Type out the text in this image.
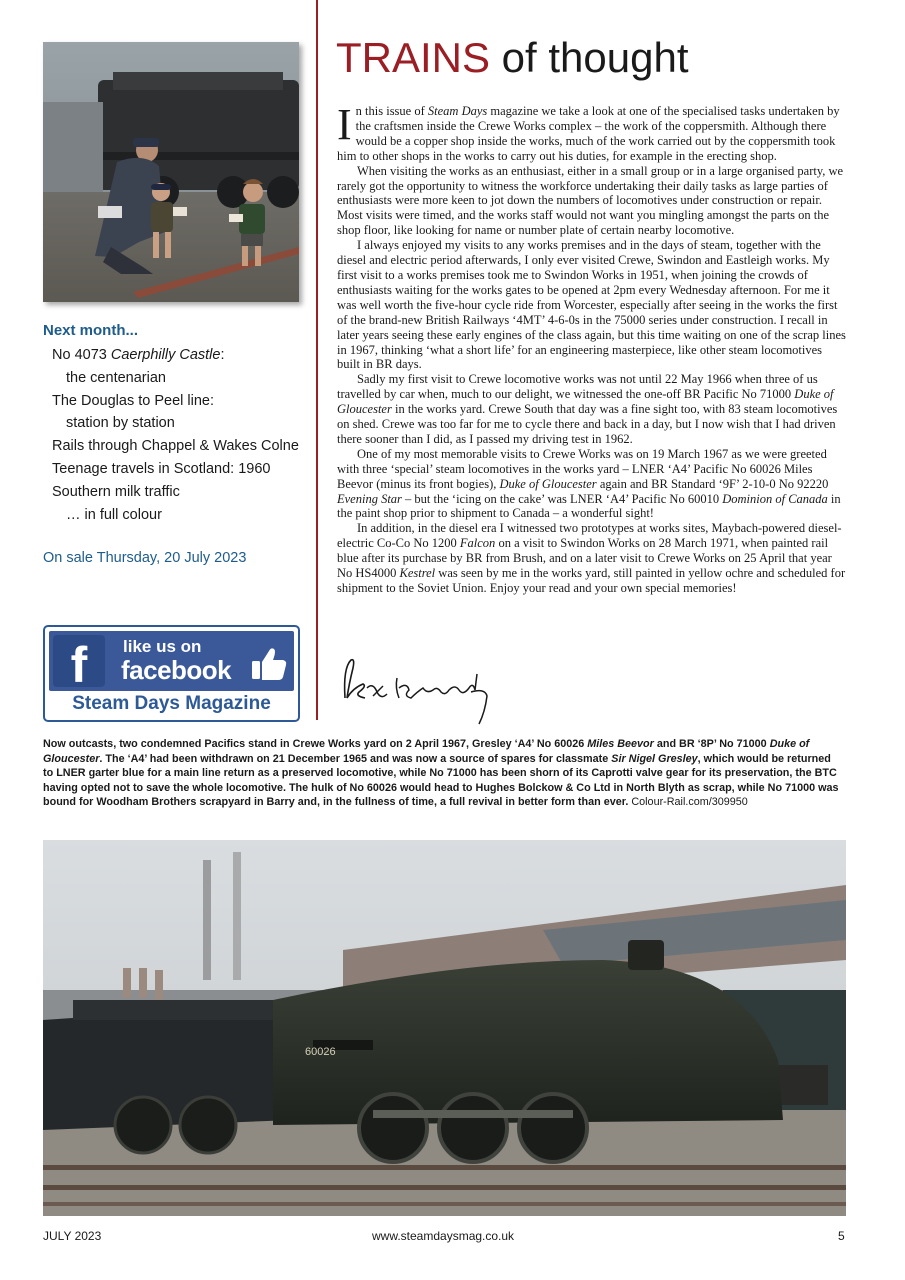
Next month...
No 4073 Caerphilly Castle:
the centenarian
The Douglas to Peel line:
station by station
Rails through Chappel & Wakes Colne
Teenage travels in Scotland: 1960
Southern milk traffic
… in full colour
On sale Thursday, 20 July 2023
f	like us on
facebook
Steam Days Magazine
TRAINS of thought

In this issue of Steam Days magazine we take a look at one of the specialised tasks undertaken by the craftsmen inside the Crewe Works complex – the work of the coppersmith. Although there would be a copper shop inside the works, much of the work carried out by the coppersmith took him to other shops in the works to carry out his duties, for example in the erecting shop.

When visiting the works as an enthusiast, either in a small group or in a large organised party, we rarely got the opportunity to witness the workforce undertaking their daily tasks as large parties of enthusiasts were more keen to jot down the numbers of locomotives under construction or repair. Most visits were timed, and the works staff would not want you mingling amongst the parts on the shop floor, like looking for name or number plate of certain nearby locomotive.

I always enjoyed my visits to any works premises and in the days of steam, together with the diesel and electric period afterwards, I only ever visited Crewe, Swindon and Eastleigh works. My first visit to a works premises took me to Swindon Works in 1951, when joining the crowds of enthusiasts waiting for the works gates to be opened at 2pm every Wednesday afternoon. For me it was well worth the five-hour cycle ride from Worcester, especially after seeing in the works the first of the brand-new British Railways ‘4MT’ 4-6-0s in the 75000 series under construction. I recall in later years seeing these early engines of the class again, but this time waiting on one of the scrap lines in 1967, thinking ‘what a short life’ for an engineering masterpiece, like other steam locomotives built in BR days.

Sadly my first visit to Crewe locomotive works was not until 22 May 1966 when three of us travelled by car when, much to our delight, we witnessed the one-off BR Pacific No 71000 Duke of Gloucester in the works yard. Crewe South that day was a fine sight too, with 83 steam locomotives on shed. Crewe was too far for me to cycle there and back in a day, but I now wish that I had driven there sooner than I did, as I passed my driving test in 1962.

One of my most memorable visits to Crewe Works was on 19 March 1967 as we were greeted with three ‘special’ steam locomotives in the works yard – LNER ‘A4’ Pacific No 60026 Miles Beevor (minus its front bogies), Duke of Gloucester again and BR Standard ‘9F’ 2-10-0 No 92220 Evening Star – but the ‘icing on the cake’ was LNER ‘A4’ Pacific No 60010 Dominion of Canada in the paint shop prior to shipment to Canada – a wonderful sight!

In addition, in the diesel era I witnessed two prototypes at works sites, Maybach-powered diesel-electric Co-Co No 1200 Falcon on a visit to Swindon Works on 28 March 1971, when painted rail blue after its purchase by BR from Brush, and on a later visit to Crewe Works on 25 April that year No HS4000 Kestrel was seen by me in the works yard, still painted in yellow ochre and scheduled for shipment to the Soviet Union. Enjoy your read and your own special memories!

Now outcasts, two condemned Pacifics stand in Crewe Works yard on 2 April 1967, Gresley ‘A4’ No 60026 Miles Beevor and BR ‘8P’ No 71000 Duke of Gloucester. The ‘A4’ had been withdrawn on 21 December 1965 and was now a source of spares for classmate Sir Nigel Gresley, which would be returned to LNER garter blue for a main line return as a preserved locomotive, while No 71000 has been shorn of its Caprotti valve gear for its preservation, the BTC having opted not to save the whole locomotive. The hulk of No 60026 would head to Hughes Bolckow & Co Ltd in North Blyth as scrap, while No 71000 was bound for Woodham Brothers scrapyard in Barry and, in the fullness of time, a full revival in better form than ever. Colour-Rail.com/309950
60026
JULY 2023	www.steamdaysmag.co.uk	5
